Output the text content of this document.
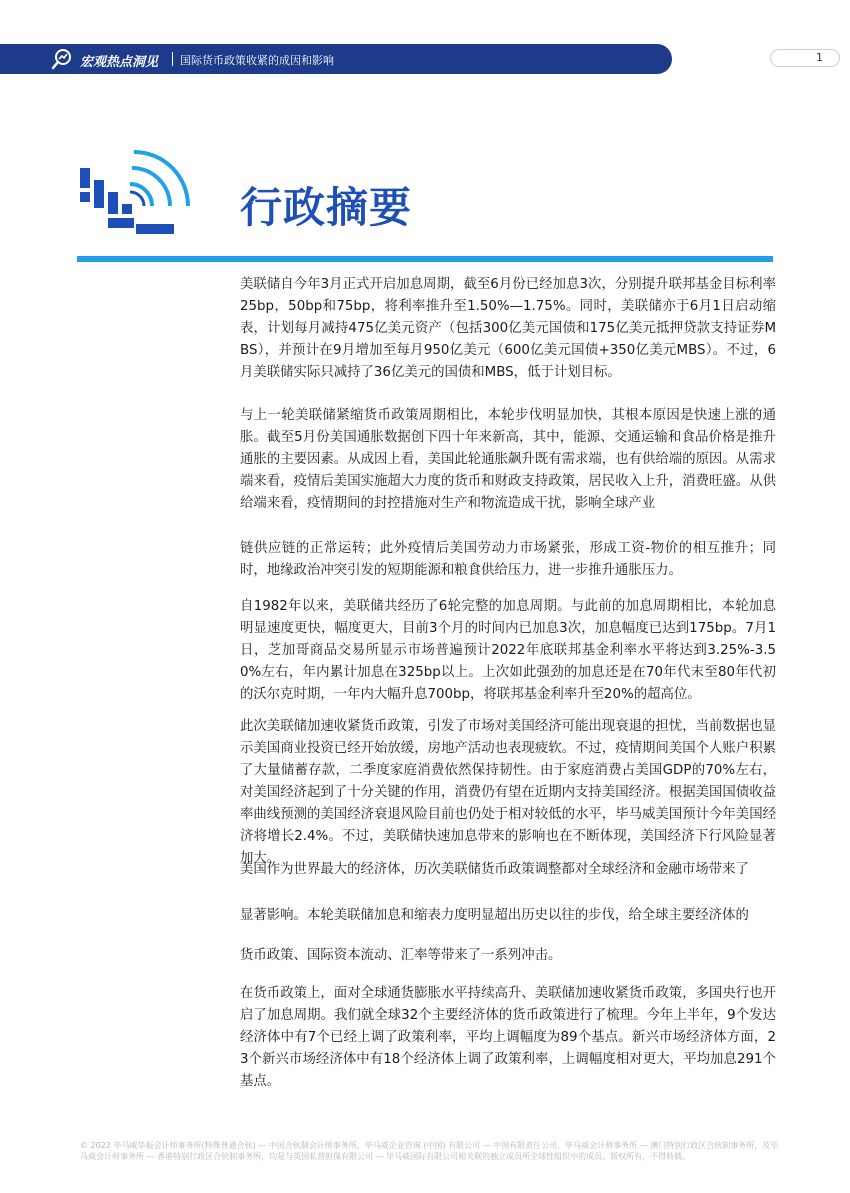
宏观热点洞见 国际货币政策收紧的成因和影响	1
行政摘要

美联储自今年3月正式开启加息周期，截至6月份已经加息3次，分别提升联邦基金目标利率25bp，50bp和75bp，将利率推升至1.50%—1.75%。同时，美联储亦于6月1日启动缩表，计划每月减持475亿美元资产（包括300亿美元国债和175亿美元抵押贷款支持证券MBS），并预计在9月增加至每月950亿美元（600亿美元国债+350亿美元MBS）。不过，6月美联储实际只减持了36亿美元的国债和MBS，低于计划目标。

与上一轮美联储紧缩货币政策周期相比，本轮步伐明显加快，其根本原因是快速上涨的通胀。截至5月份美国通胀数据创下四十年来新高，其中，能源、交通运输和食品价格是推升通胀的主要因素。从成因上看，美国此轮通胀飙升既有需求端，也有供给端的原因。从需求端来看，疫情后美国实施超大力度的货币和财政支持政策，居民收入上升，消费旺盛。从供给端来看，疫情期间的封控措施对生产和物流造成干扰，影响全球产业

链供应链的正常运转；此外疫情后美国劳动力市场紧张，形成工资-物价的相互推升；同时，地缘政治冲突引发的短期能源和粮食供给压力，进一步推升通胀压力。

自1982年以来，美联储共经历了6轮完整的加息周期。与此前的加息周期相比，本轮加息明显速度更快，幅度更大，目前3个月的时间内已加息3次，加息幅度已达到175bp。7月1日，芝加哥商品交易所显示市场普遍预计2022年底联邦基金利率水平将达到3.25%-3.50%左右，年内累计加息在325bp以上。上次如此强劲的加息还是在70年代末至80年代初的沃尔克时期，一年内大幅升息700bp，将联邦基金利率升至20%的超高位。

此次美联储加速收紧货币政策，引发了市场对美国经济可能出现衰退的担忧，当前数据也显示美国商业投资已经开始放缓，房地产活动也表现疲软。不过，疫情期间美国个人账户积累了大量储蓄存款，二季度家庭消费依然保持韧性。由于家庭消费占美国GDP的70%左右，对美国经济起到了十分关键的作用，消费仍有望在近期内支持美国经济。根据美国国债收益率曲线预测的美国经济衰退风险目前也仍处于相对较低的水平，毕马威美国预计今年美国经济将增长2.4%。不过，美联储快速加息带来的影响也在不断体现，美国经济下行风险显著加大。

美国作为世界最大的经济体，历次美联储货币政策调整都对全球经济和金融市场带来了

显著影响。本轮美联储加息和缩表力度明显超出历史以往的步伐，给全球主要经济体的

货币政策、国际资本流动、汇率等带来了一系列冲击。

在货币政策上，面对全球通货膨胀水平持续高升、美联储加速收紧货币政策，多国央行也开启了加息周期。我们就全球32个主要经济体的货币政策进行了梳理。今年上半年，9个发达经济体中有7个已经上调了政策利率，平均上调幅度为89个基点。新兴市场经济体方面，23个新兴市场经济体中有18个经济体上调了政策利率，上调幅度相对更大，平均加息291个基点。

© 2022 毕马威华振会计师事务所(特殊普通合伙) — 中国合伙制会计师事务所，毕马威企业咨询 (中国) 有限公司 — 中国有限责任公司，毕马威会计师事务所 — 澳门特别行政区合伙制事务所，及毕马威会计师事务所 — 香港特别行政区合伙制事务所，均是与英国私营担保有限公司 — 毕马威国际有限公司相关联的独立成员所全球性组织中的成员。版权所有，不得转载。
